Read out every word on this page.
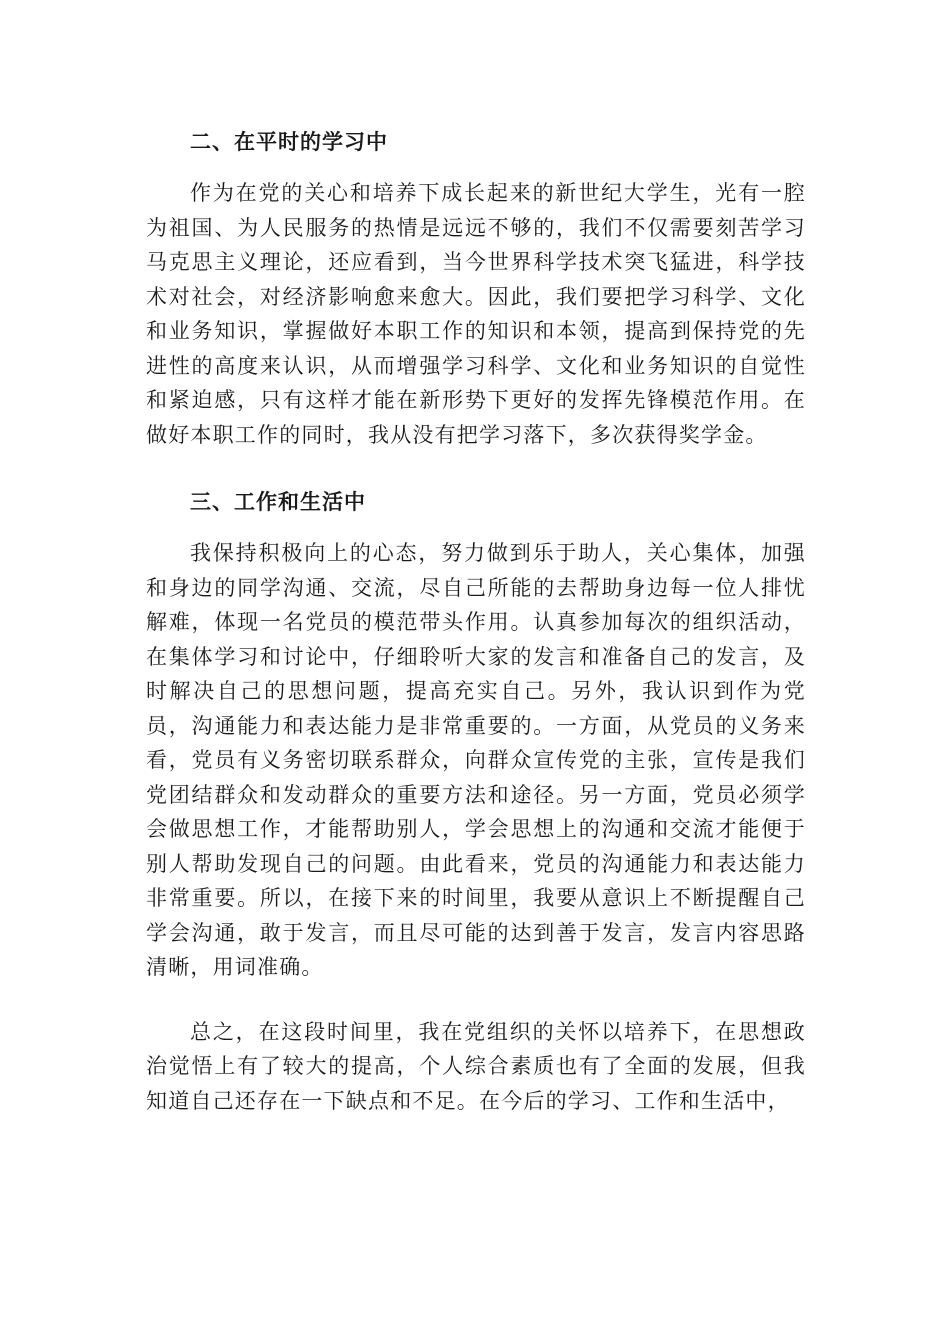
二、在平时的学习中

作为在党的关心和培养下成长起来的新世纪大学生，光有一腔为祖国、为人民服务的热情是远远不够的，我们不仅需要刻苦学习马克思主义理论，还应看到，当今世界科学技术突飞猛进，科学技术对社会，对经济影响愈来愈大。因此，我们要把学习科学、文化和业务知识，掌握做好本职工作的知识和本领，提高到保持党的先进性的高度来认识，从而增强学习科学、文化和业务知识的自觉性和紧迫感，只有这样才能在新形势下更好的发挥先锋模范作用。在做好本职工作的同时，我从没有把学习落下，多次获得奖学金。

三、工作和生活中

我保持积极向上的心态，努力做到乐于助人，关心集体，加强和身边的同学沟通、交流，尽自己所能的去帮助身边每一位人排忧解难，体现一名党员的模范带头作用。认真参加每次的组织活动，在集体学习和讨论中，仔细聆听大家的发言和准备自己的发言，及时解决自己的思想问题，提高充实自己。另外，我认识到作为党员，沟通能力和表达能力是非常重要的。一方面，从党员的义务来看，党员有义务密切联系群众，向群众宣传党的主张，宣传是我们党团结群众和发动群众的重要方法和途径。另一方面，党员必须学会做思想工作，才能帮助别人，学会思想上的沟通和交流才能便于别人帮助发现自己的问题。由此看来，党员的沟通能力和表达能力非常重要。所以，在接下来的时间里，我要从意识上不断提醒自己学会沟通，敢于发言，而且尽可能的达到善于发言，发言内容思路清晰，用词准确。

总之，在这段时间里，我在党组织的关怀以培养下，在思想政治觉悟上有了较大的提高，个人综合素质也有了全面的发展，但我知道自己还存在一下缺点和不足。在今后的学习、工作和生活中，
